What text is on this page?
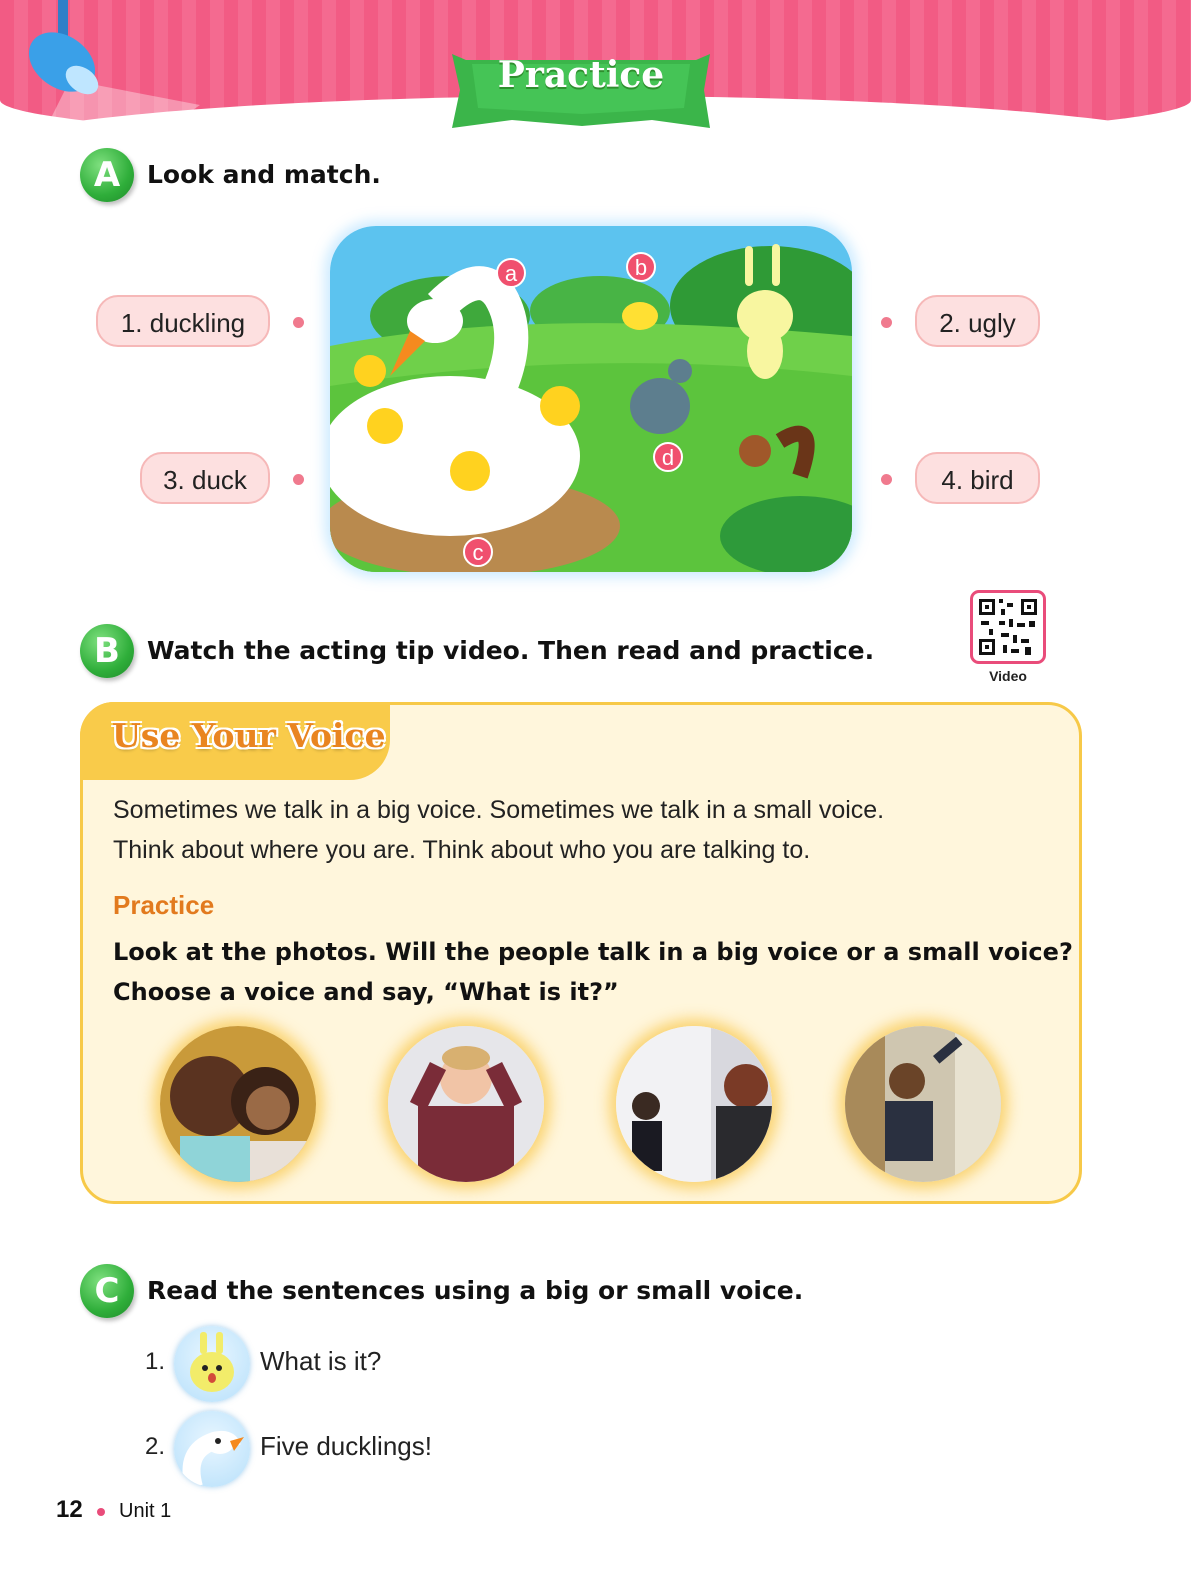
Practice
A	Look and match.
1. duckling	2. ugly
3. duck	4. bird
a	b
c
d
B	Watch the acting tip video. Then read and practice.
Video
Use Your Voice
Sometimes we talk in a big voice. Sometimes we talk in a small voice.
Think about where you are. Think about who you are talking to.
Practice
Look at the photos. Will the people talk in a big voice or a small voice?
Choose a voice and say, “What is it?”
C	Read the sentences using a big or small voice.
1.	What is it?
2.	Five ducklings!
12 Unit 1
